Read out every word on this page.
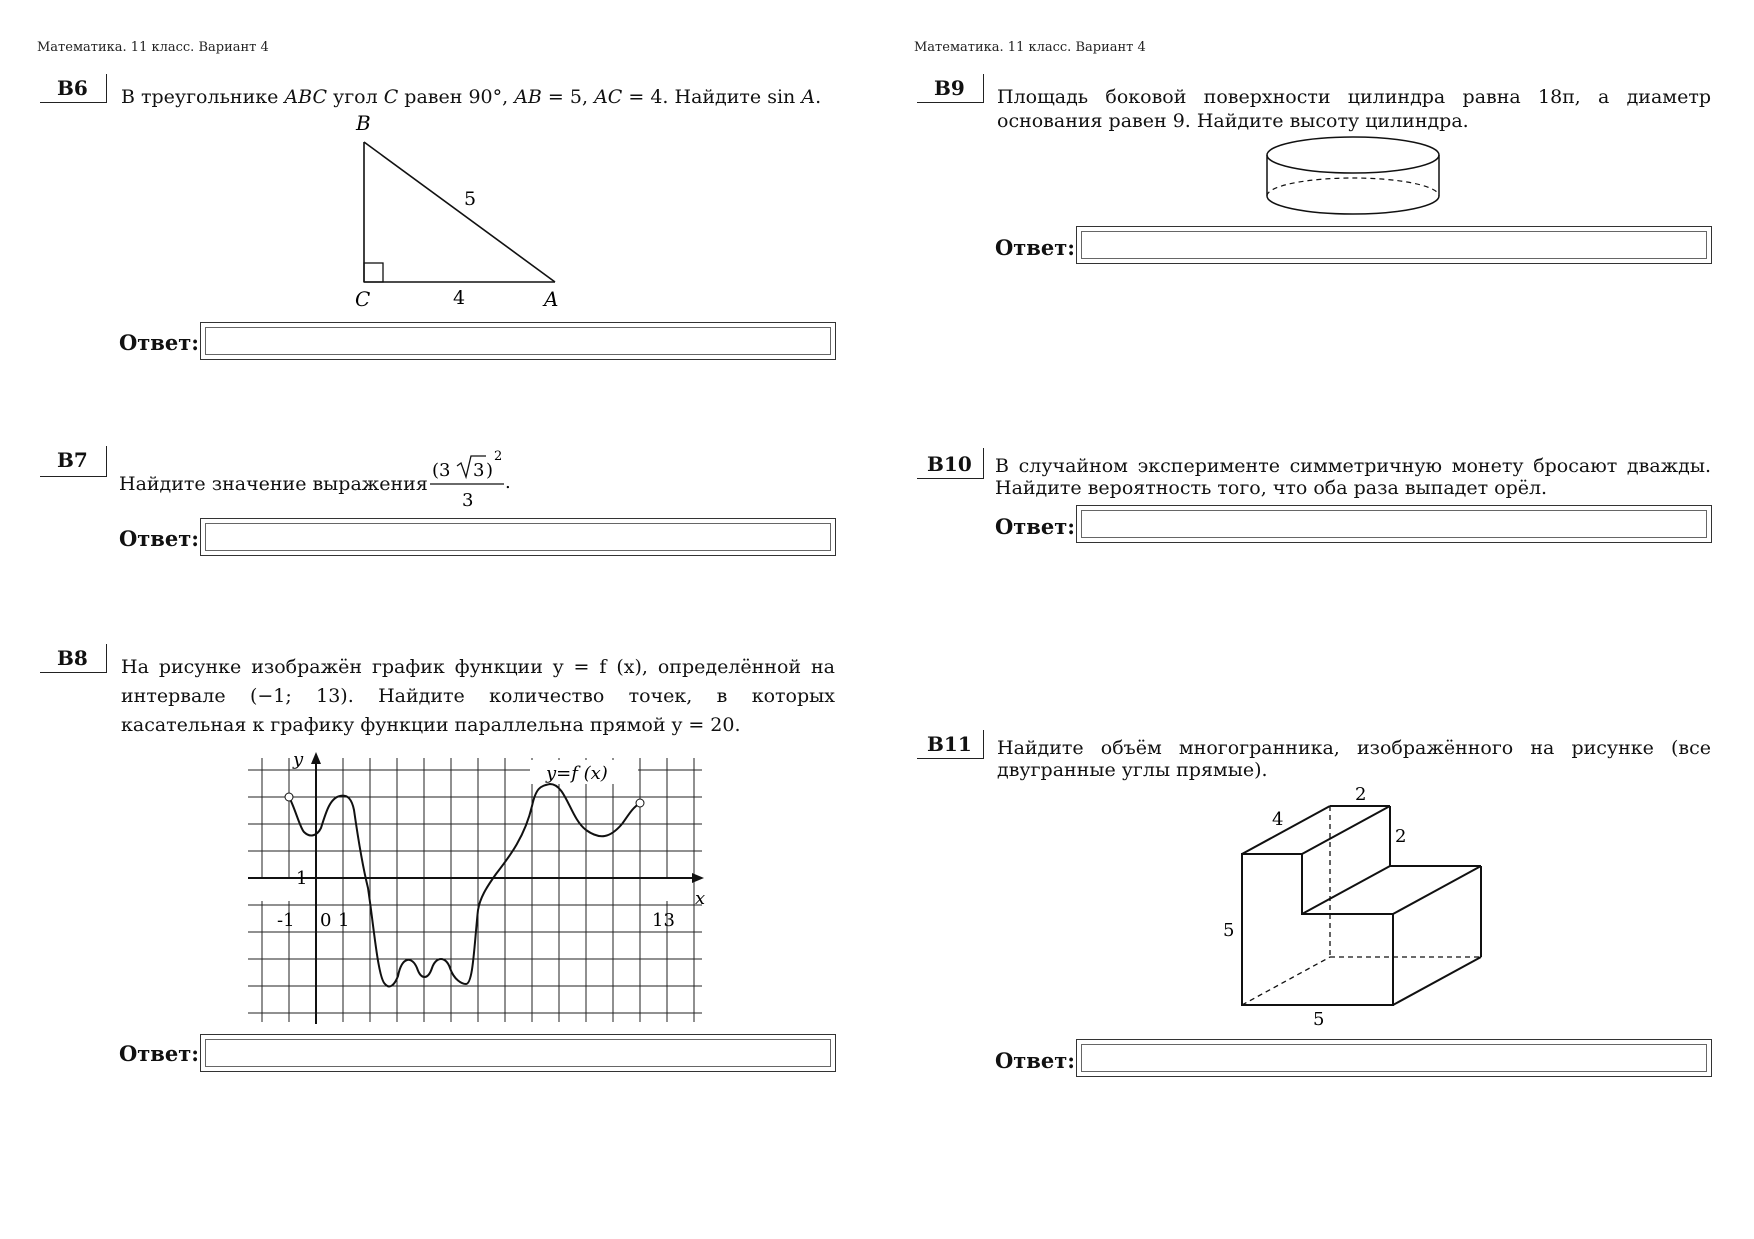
Математика. 11 класс. Вариант 4	Математика. 11 класс. Вариант 4
B6 В треугольнике ABC угол C равен 90°, AB = 5, AC = 4. Найдите sin A.
B
C	A
5
4
Ответ:
B7
Найдите значение выражения
(3 3 )
2
3
.
Ответ:
B8 На рисунке изображён график функции y = f (x), определённой на интервале (−1; 13). Найдите количество точек, в которых касательная к графику функции параллельна прямой y = 20.
y
x
y=f (x)
-1 0 1	13
1
Ответ:
B9 Площадь боковой поверхности цилиндра равна 18π, а диаметр основания равен 9. Найдите высоту цилиндра.
Ответ:
B10 В случайном эксперименте симметричную монету бросают дважды. Найдите вероятность того, что оба раза выпадет орёл.
Ответ:
B11 Найдите объём многогранника, изображённого на рисунке (все двугранные углы прямые).
2
4
2
5
5
Ответ:
